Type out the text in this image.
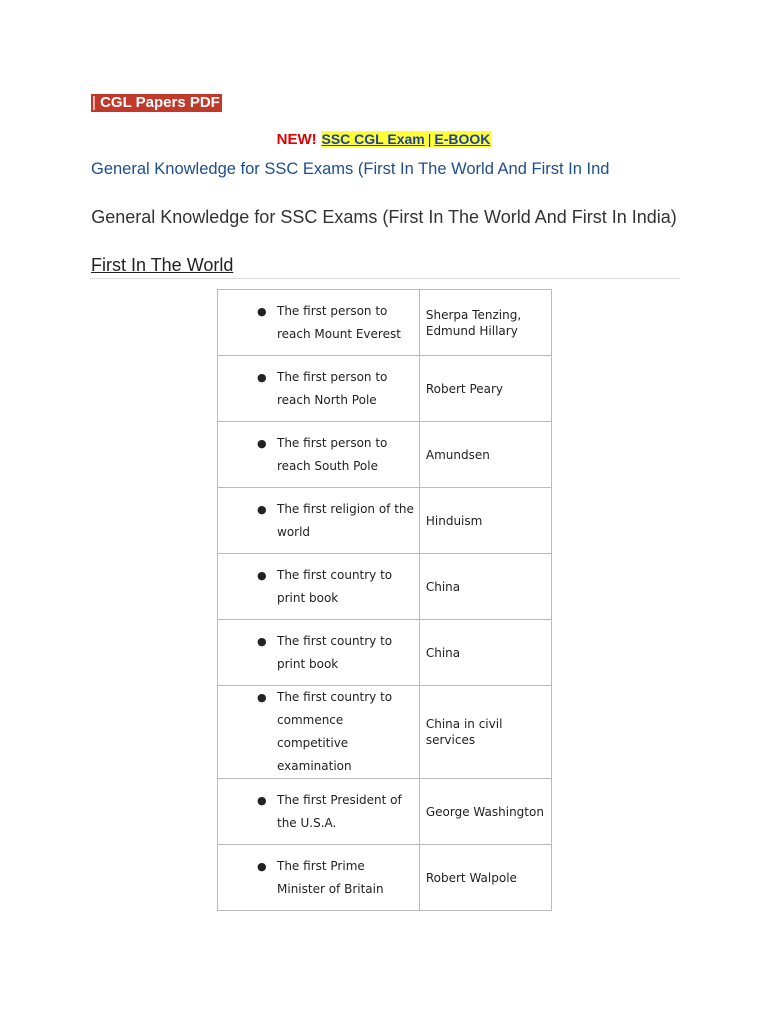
| CGL Papers PDF
NEW! SSC CGL Exam | E-BOOK
General Knowledge for SSC Exams (First In The World And First In Ind
General Knowledge for SSC Exams (First In The World And First In India)
First In The World
● The first person to reach Mount Everest	Sherpa Tenzing, Edmund Hillary

● The first person to reach North Pole	Robert Peary

● The first person to reach South Pole	Amundsen

● The first religion of the world	Hinduism

● The first country to print book	China

● The first country to print book	China

● The first country to commence competitive examination	China in civil services

● The first President of the U.S.A.	George Washington

● The first Prime Minister of Britain	Robert Walpole
